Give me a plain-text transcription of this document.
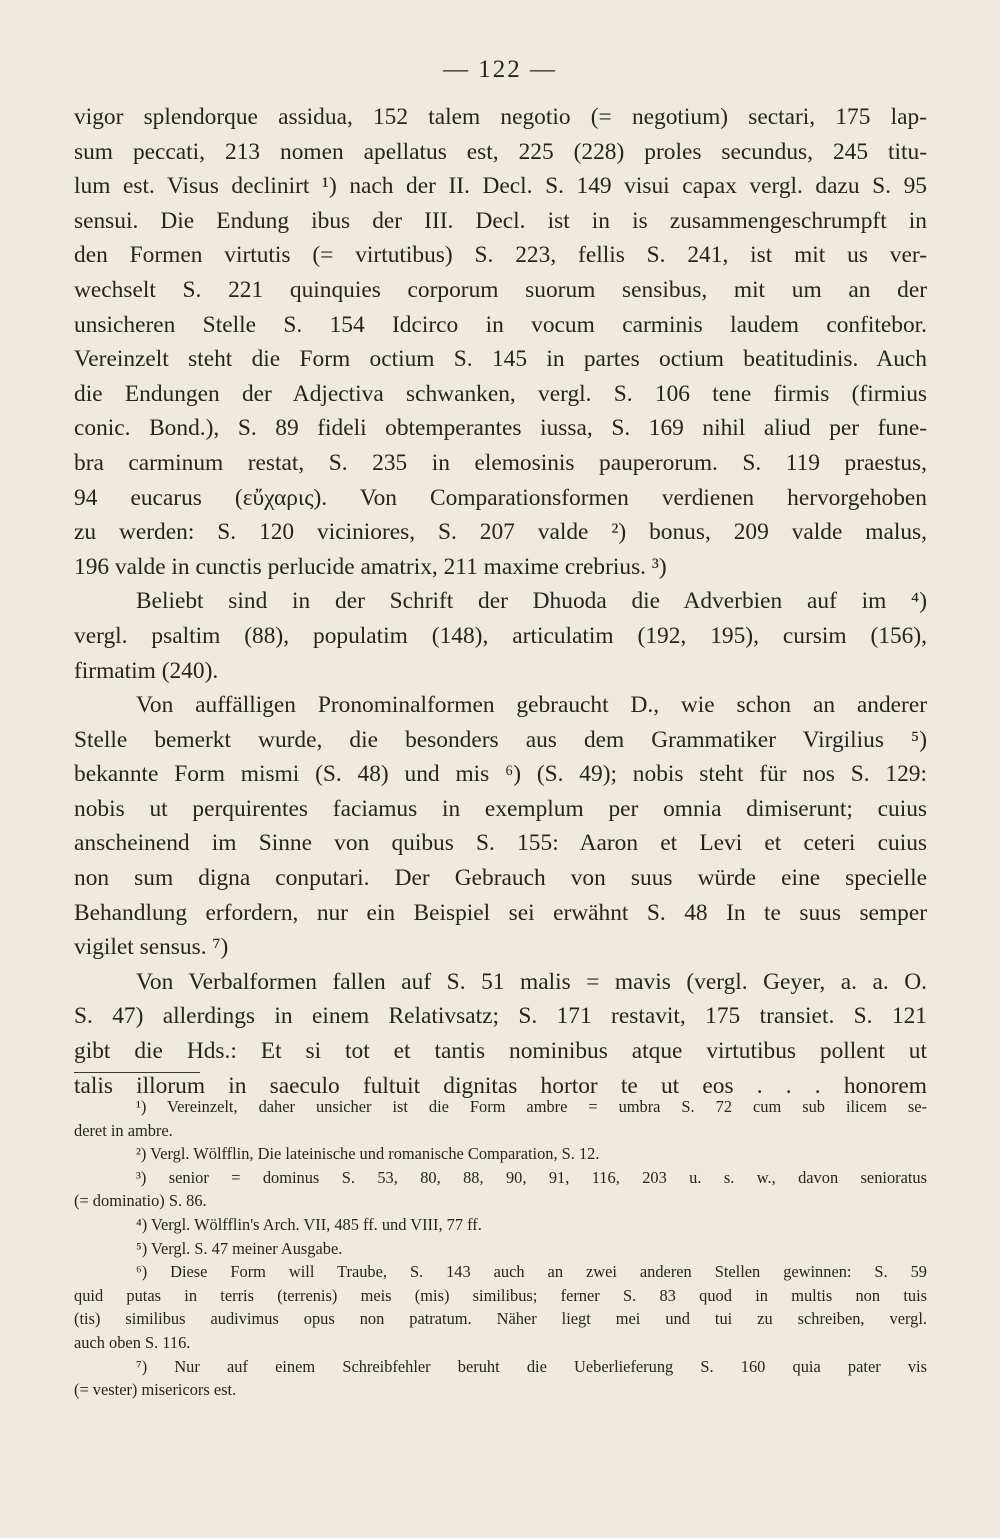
— 122 —
vigor splendorque assidua, 152 talem negotio (= negotium) sectari, 175 lap-
sum peccati, 213 nomen apellatus est, 225 (228) proles secundus, 245 titu-
lum est. Visus declinirt ¹) nach der II. Decl. S. 149 visui capax vergl. dazu S. 95
sensui. Die Endung ibus der III. Decl. ist in is zusammengeschrumpft in
den Formen virtutis (= virtutibus) S. 223, fellis S. 241, ist mit us ver-
wechselt S. 221 quinquies corporum suorum sensibus, mit um an der
unsicheren Stelle S. 154 Idcirco in vocum carminis laudem confitebor.
Vereinzelt steht die Form octium S. 145 in partes octium beatitudinis. Auch
die Endungen der Adjectiva schwanken, vergl. S. 106 tene firmis (firmius
conic. Bond.), S. 89 fideli obtemperantes iussa, S. 169 nihil aliud per fune-
bra carminum restat, S. 235 in elemosinis pauperorum. S. 119 praestus,
94 eucarus (εὔχαρις). Von Comparationsformen verdienen hervorgehoben
zu werden: S. 120 viciniores, S. 207 valde ²) bonus, 209 valde malus,
196 valde in cunctis perlucide amatrix, 211 maxime crebrius. ³)
Beliebt sind in der Schrift der Dhuoda die Adverbien auf im ⁴)
vergl. psaltim (88), populatim (148), articulatim (192, 195), cursim (156),
firmatim (240).
Von auffälligen Pronominalformen gebraucht D., wie schon an anderer
Stelle bemerkt wurde, die besonders aus dem Grammatiker Virgilius ⁵)
bekannte Form mismi (S. 48) und mis ⁶) (S. 49); nobis steht für nos S. 129:
nobis ut perquirentes faciamus in exemplum per omnia dimiserunt; cuius
anscheinend im Sinne von quibus S. 155: Aaron et Levi et ceteri cuius
non sum digna conputari. Der Gebrauch von suus würde eine specielle
Behandlung erfordern, nur ein Beispiel sei erwähnt S. 48 In te suus semper
vigilet sensus. ⁷)
Von Verbalformen fallen auf S. 51 malis = mavis (vergl. Geyer, a. a. O.
S. 47) allerdings in einem Relativsatz; S. 171 restavit, 175 transiet. S. 121
gibt die Hds.: Et si tot et tantis nominibus atque virtutibus pollent ut
talis illorum in saeculo fultuit dignitas hortor te ut eos . . . honorem
¹) Vereinzelt, daher unsicher ist die Form ambre = umbra S. 72 cum sub ilicem se-
deret in ambre.
²) Vergl. Wölfflin, Die lateinische und romanische Comparation, S. 12.
³) senior = dominus S. 53, 80, 88, 90, 91, 116, 203 u. s. w., davon senioratus
(= dominatio) S. 86.
⁴) Vergl. Wölfflin's Arch. VII, 485 ff. und VIII, 77 ff.
⁵) Vergl. S. 47 meiner Ausgabe.
⁶) Diese Form will Traube, S. 143 auch an zwei anderen Stellen gewinnen: S. 59
quid putas in terris (terrenis) meis (mis) similibus; ferner S. 83 quod in multis non tuis
(tis) similibus audivimus opus non patratum. Näher liegt mei und tui zu schreiben, vergl.
auch oben S. 116.
⁷) Nur auf einem Schreibfehler beruht die Ueberlieferung S. 160 quia pater vis
(= vester) misericors est.
